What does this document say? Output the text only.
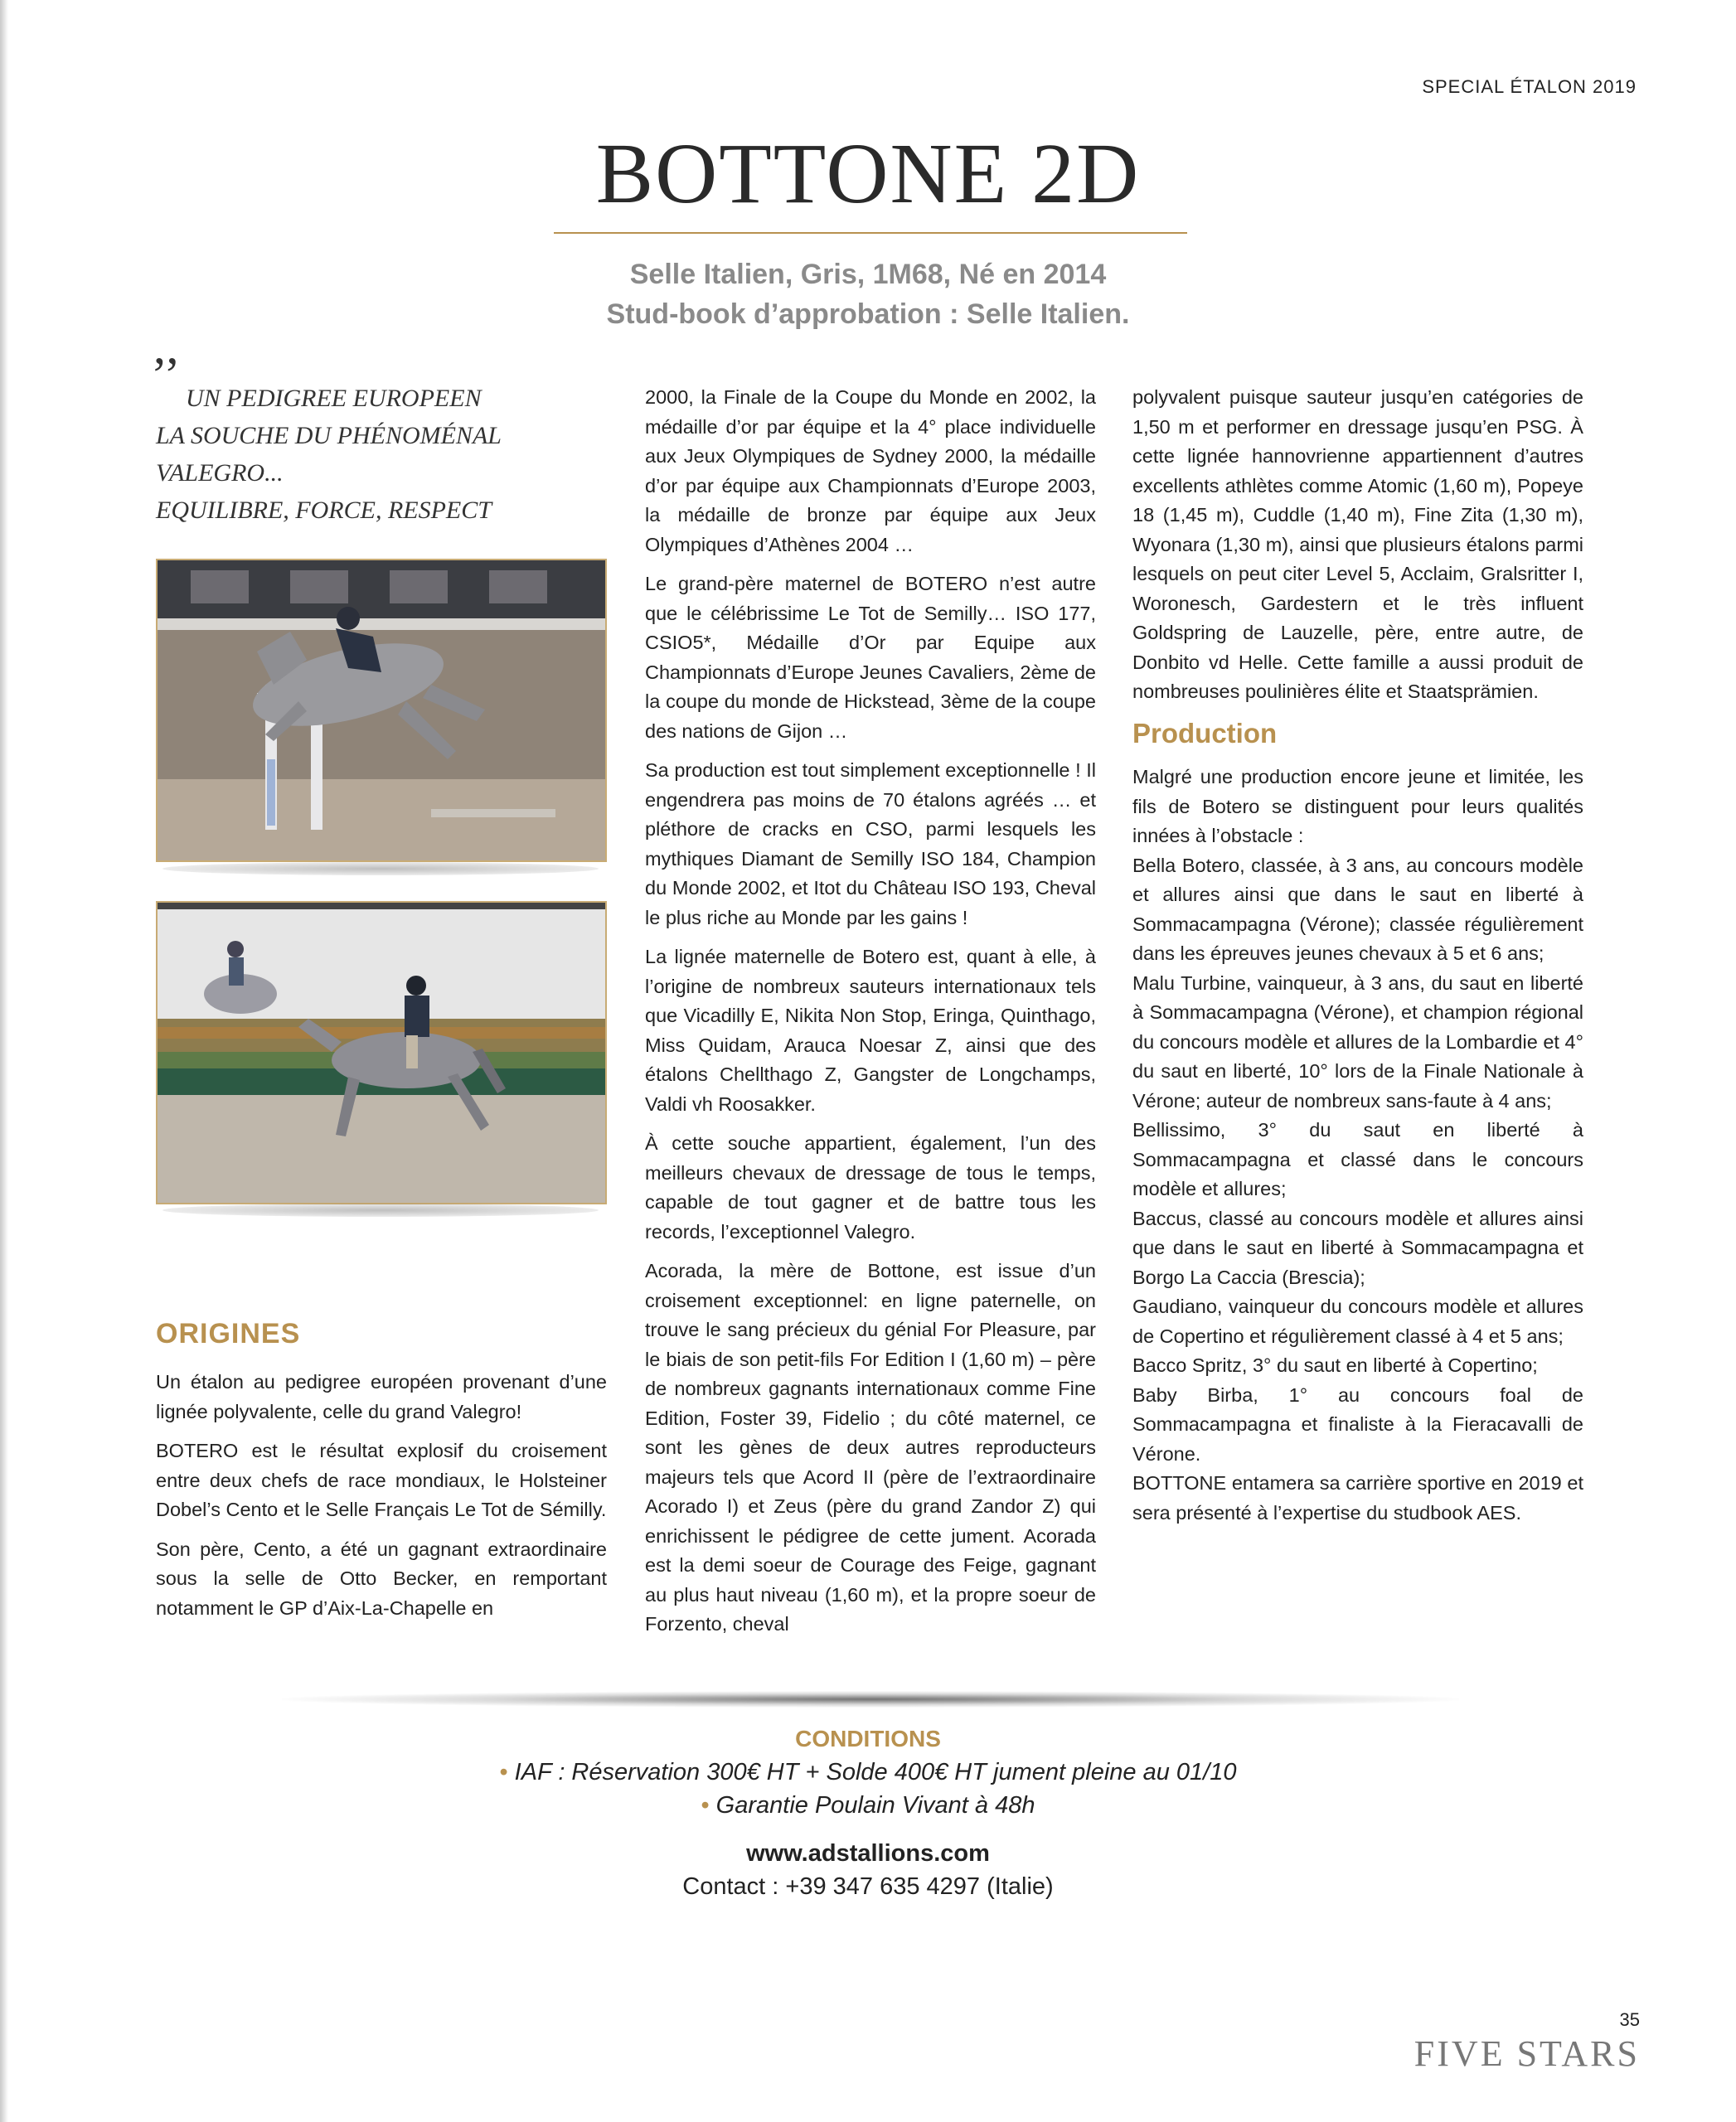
SPECIAL ÉTALON 2019
BOTTONE 2D
Selle Italien, Gris, 1M68, Né en 2014
Stud-book d’approbation : Selle Italien.
’’ UN PEDIGREE EUROPEEN
LA SOUCHE DU PHÉNOMÉNAL
VALEGRO...
EQUILIBRE, FORCE, RESPECT
ORIGINES

Un étalon au pedigree européen provenant d’une lignée polyvalente, celle du grand Valegro!

BOTERO est le résultat explosif du croisement entre deux chefs de race mondiaux, le Holsteiner Dobel’s Cento et le Selle Français Le Tot de Sémilly.

Son père, Cento, a été un gagnant extraordinaire sous la selle de Otto Becker, en remportant notamment le GP d’Aix-La-Chapelle en

2000, la Finale de la Coupe du Monde en 2002, la médaille d’or par équipe et la 4° place individuelle aux Jeux Olympiques de Sydney 2000, la médaille d’or par équipe aux Championnats d’Europe 2003, la médaille de bronze par équipe aux Jeux Olympiques d’Athènes 2004 …

Le grand-père maternel de BOTERO n’est autre que le célébrissime Le Tot de Semilly… ISO 177, CSIO5*, Médaille d’Or par Equipe aux Championnats d’Europe Jeunes Cavaliers, 2ème de la coupe du monde de Hickstead, 3ème de la coupe des nations de Gijon …

Sa production est tout simplement exceptionnelle ! Il engendrera pas moins de 70 étalons agréés … et pléthore de cracks en CSO, parmi lesquels les mythiques Diamant de Semilly ISO 184, Champion du Monde 2002, et Itot du Château ISO 193, Cheval le plus riche au Monde par les gains !

La lignée maternelle de Botero est, quant à elle, à l’origine de nombreux sauteurs internationaux tels que Vicadilly E, Nikita Non Stop, Eringa, Quinthago, Miss Quidam, Arauca Noesar Z, ainsi que des étalons Chellthago Z, Gangster de Longchamps, Valdi vh Roosakker.

À cette souche appartient, également, l’un des meilleurs chevaux de dressage de tous le temps, capable de tout gagner et de battre tous les records, l’exceptionnel Valegro.

Acorada, la mère de Bottone, est issue d’un croisement exceptionnel: en ligne paternelle, on trouve le sang précieux du génial For Pleasure, par le biais de son petit-fils For Edition I (1,60 m) – père de nombreux gagnants internationaux comme Fine Edition, Foster 39, Fidelio ; du côté maternel, ce sont les gènes de deux autres reproducteurs majeurs tels que Acord II (père de l’extraordinaire Acorado I) et Zeus (père du grand Zandor Z) qui enrichissent le pédigree de cette jument. Acorada est la demi soeur de Courage des Feige, gagnant au plus haut niveau (1,60 m), et la propre soeur de Forzento, cheval

polyvalent puisque sauteur jusqu’en catégories de 1,50 m et performer en dressage jusqu’en PSG. À cette lignée hannovrienne appartiennent d’autres excellents athlètes comme Atomic (1,60 m), Popeye 18 (1,45 m), Cuddle (1,40 m), Fine Zita (1,30 m), Wyonara (1,30 m), ainsi que plusieurs étalons parmi lesquels on peut citer Level 5, Acclaim, Gralsritter I, Woronesch, Gardestern et le très influent Goldspring de Lauzelle, père, entre autre, de Donbito vd Helle. Cette famille a aussi produit de nombreuses poulinières élite et Staatsprämien.

Production

Malgré une production encore jeune et limitée, les fils de Botero se distinguent pour leurs qualités innées à l’obstacle :

Bella Botero, classée, à 3 ans, au concours modèle et allures ainsi que dans le saut en liberté à Sommacampagna (Vérone); classée régulièrement dans les épreuves jeunes chevaux à 5 et 6 ans;

Malu Turbine, vainqueur, à 3 ans, du saut en liberté à Sommacampagna (Vérone), et champion régional du concours modèle et allures de la Lombardie et 4° du saut en liberté, 10° lors de la Finale Nationale à Vérone; auteur de nombreux sans-faute à 4 ans;

Bellissimo, 3° du saut en liberté à Sommacampagna et classé dans le concours modèle et allures;

Baccus, classé au concours modèle et allures ainsi que dans le saut en liberté à Sommacampagna et Borgo La Caccia (Brescia);

Gaudiano, vainqueur du concours modèle et allures de Copertino et régulièrement classé à 4 et 5 ans;

Bacco Spritz, 3° du saut en liberté à Copertino;

Baby Birba, 1° au concours foal de Sommacampagna et finaliste à la Fieracavalli de Vérone.

BOTTONE entamera sa carrière sportive en 2019 et sera présenté à l’expertise du studbook AES.

CONDITIONS
• IAF : Réservation 300€ HT + Solde 400€ HT jument pleine au 01/10
• Garantie Poulain Vivant à 48h
www.adstallions.com
Contact : +39 347 635 4297 (Italie)
35
FIVE STARS
